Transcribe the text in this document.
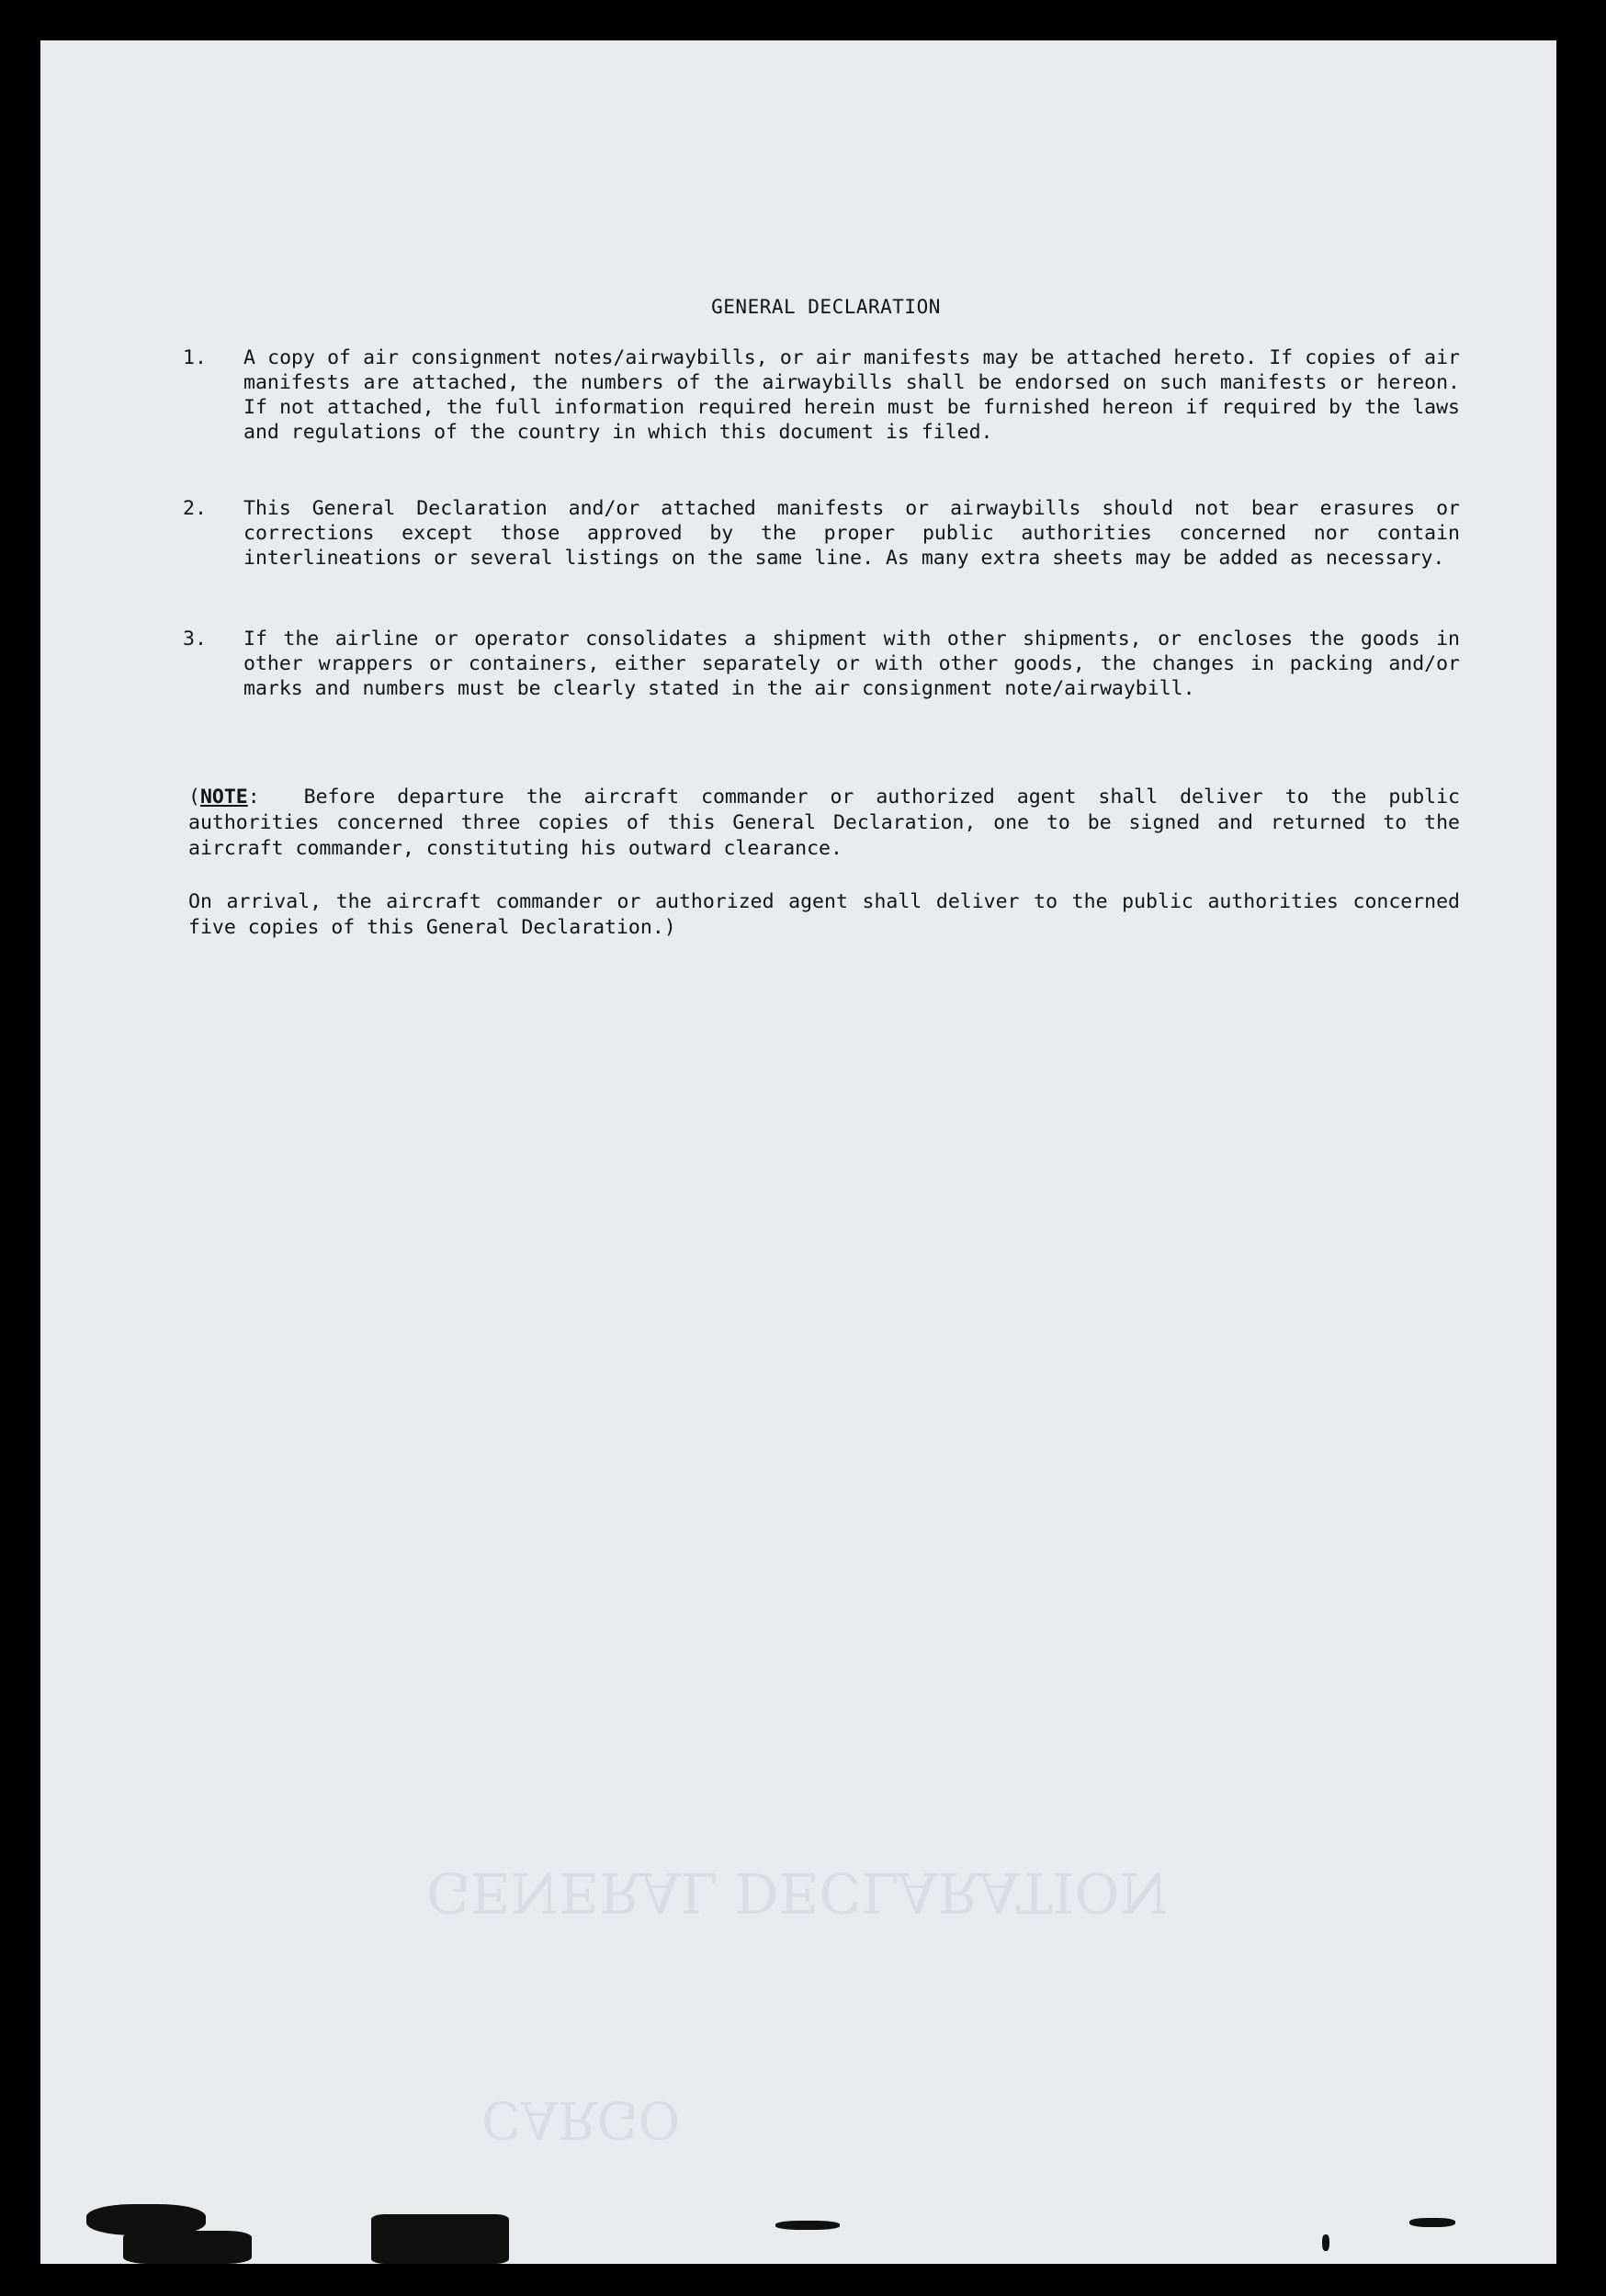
GENERAL DECLARATION
CARGO
GENERAL DECLARATION
1.	A copy of air consignment notes/airwaybills, or air manifests may be attached hereto. If copies of air manifests are attached, the numbers of the airwaybills shall be endorsed on such manifests or hereon. If not attached, the full information required herein must be furnished hereon if required by the laws and regulations of the country in which this document is filed.
2.	This General Declaration and/or attached manifests or airwaybills should not bear erasures or corrections except those approved by the proper public authorities concerned nor contain interlineations or several listings on the same line. As many extra sheets may be added as necessary.
3.	If the airline or operator consolidates a shipment with other shipments, or encloses the goods in other wrappers or containers, either separately or with other goods, the changes in packing and/or marks and numbers must be clearly stated in the air consignment note/airwaybill.
(NOTE: Before departure the aircraft commander or authorized agent shall deliver to the public authorities concerned three copies of this General Declaration, one to be signed and returned to the aircraft commander, constituting his outward clearance.
On arrival, the aircraft commander or authorized agent shall deliver to the public authorities concerned five copies of this General Declaration.)
